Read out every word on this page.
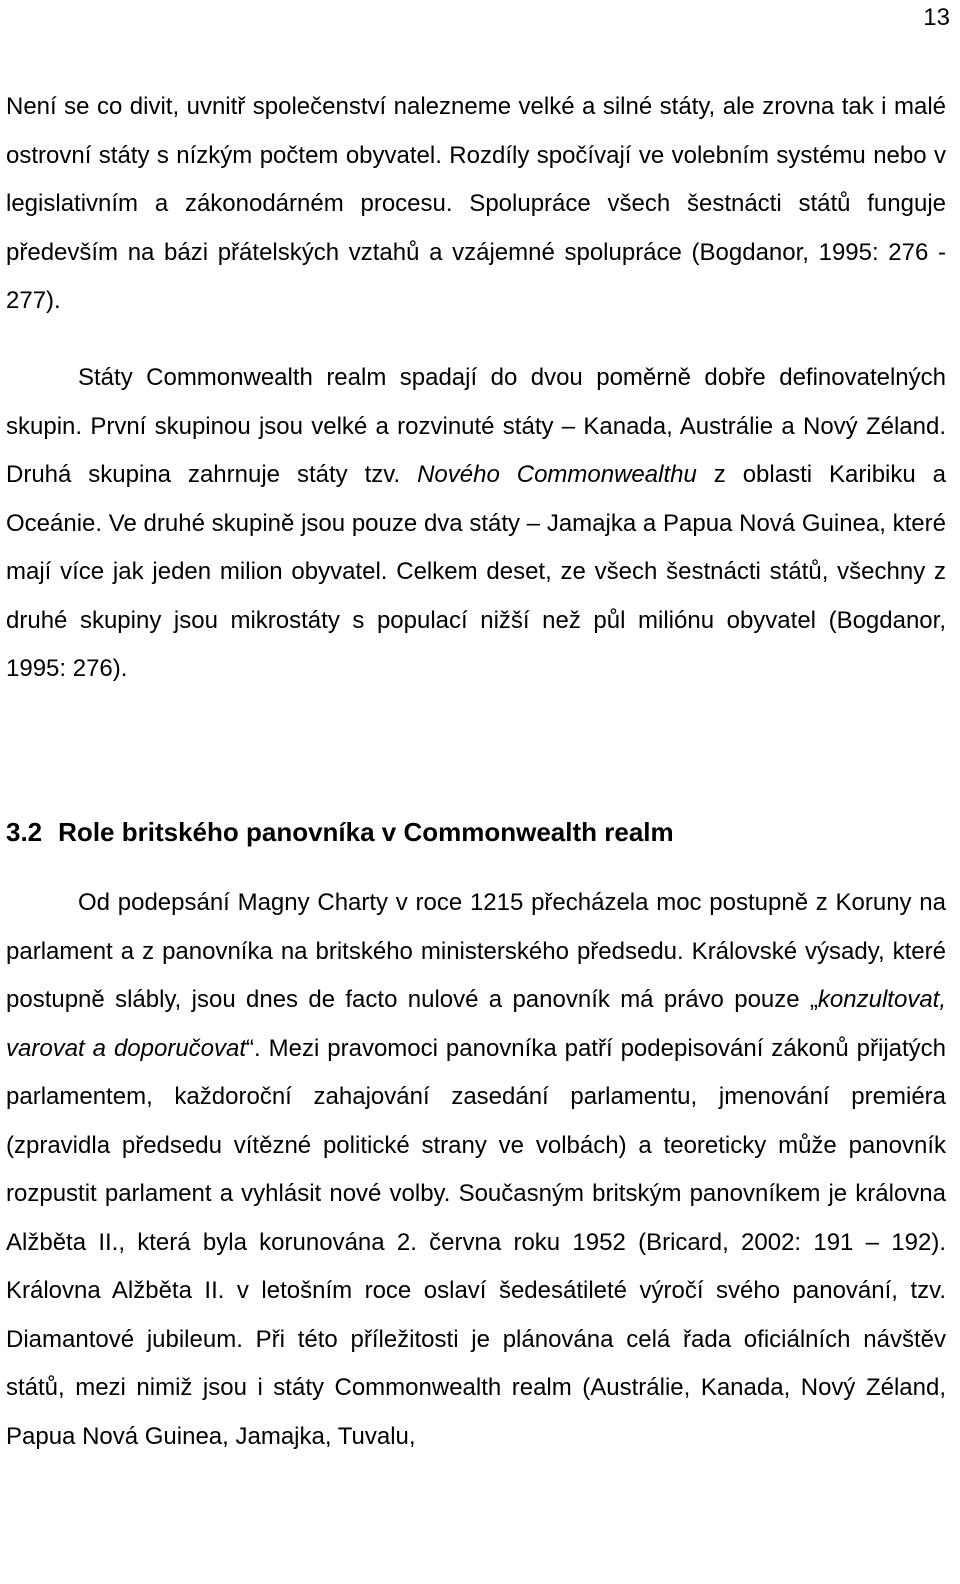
13

Není se co divit, uvnitř společenství nalezneme velké a silné státy, ale zrovna tak i malé ostrovní státy s nízkým počtem obyvatel. Rozdíly spočívají ve volebním systému nebo v legislativním a zákonodárném procesu. Spolupráce všech šestnácti států funguje především na bázi přátelských vztahů a vzájemné spolupráce (Bogdanor, 1995: 276 - 277).

Státy Commonwealth realm spadají do dvou poměrně dobře definovatelných skupin. První skupinou jsou velké a rozvinuté státy – Kanada, Austrálie a Nový Zéland. Druhá skupina zahrnuje státy tzv. Nového Commonwealthu z oblasti Karibiku a Oceánie. Ve druhé skupině jsou pouze dva státy – Jamajka a Papua Nová Guinea, které mají více jak jeden milion obyvatel. Celkem deset, ze všech šestnácti států, všechny z druhé skupiny jsou mikrostáty s populací nižší než půl miliónu obyvatel (Bogdanor, 1995: 276).

3.2 Role britského panovníka v Commonwealth realm

Od podepsání Magny Charty v roce 1215 přecházela moc postupně z Koruny na parlament a z panovníka na britského ministerského předsedu. Královské výsady, které postupně slábly, jsou dnes de facto nulové a panovník má právo pouze „konzultovat, varovat a doporučovat“. Mezi pravomoci panovníka patří podepisování zákonů přijatých parlamentem, každoroční zahajování zasedání parlamentu, jmenování premiéra (zpravidla předsedu vítězné politické strany ve volbách) a teoreticky může panovník rozpustit parlament a vyhlásit nové volby. Současným britským panovníkem je královna Alžběta II., která byla korunována 2. června roku 1952 (Bricard, 2002: 191 – 192). Královna Alžběta II. v letošním roce oslaví šedesátileté výročí svého panování, tzv. Diamantové jubileum. Při této příležitosti je plánována celá řada oficiálních návštěv států, mezi nimiž jsou i státy Commonwealth realm (Austrálie, Kanada, Nový Zéland, Papua Nová Guinea, Jamajka, Tuvalu,
